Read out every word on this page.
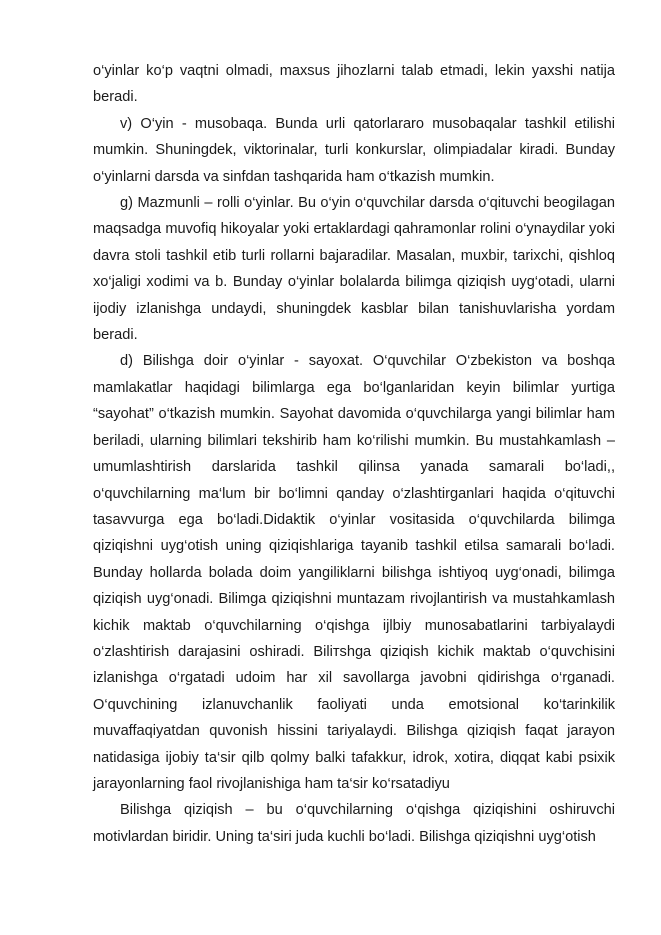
o‘yinlar ko‘p vaqtni olmadi, maxsus jihozlarni talab etmadi, lekin yaxshi natija beradi.

v) O‘yin - musobaqa. Bunda urli qatorlararo musobaqalar tashkil etilishi mumkin. Shuningdek, viktorinalar, turli konkurslar, olimpiadalar kiradi. Bunday o‘yinlarni darsda va sinfdan tashqarida ham o‘tkazish mumkin.

g) Mazmunli – rolli o‘yinlar. Bu o‘yin o‘quvchilar darsda o‘qituvchi beogilagan maqsadga muvofiq hikoyalar yoki ertaklardagi qahramonlar rolini o‘ynaydilar yoki davra stoli tashkil etib turli rollarni bajaradilar. Masalan, muxbir, tarixchi, qishloq xo‘jaligi xodimi va b. Bunday o‘yinlar bolalarda bilimga qiziqish uyg‘otadi, ularni ijodiy izlanishga undaydi, shuningdek kasblar bilan tanishuvlarisha yordam beradi.

d) Bilishga doir o‘yinlar - sayoxat. O‘quvchilar O‘zbekiston va boshqa mamlakatlar haqidagi bilimlarga ega bo‘lganlaridan keyin bilimlar yurtiga “sayohat” o‘tkazish mumkin. Sayohat davomida o‘quvchilarga yangi bilimlar ham beriladi, ularning bilimlari tekshirib ham ko‘rilishi mumkin. Bu mustahkamlash – umumlashtirish darslarida tashkil qilinsa yanada samarali bo‘ladi,, o‘quvchilarning ma‘lum bir bo‘limni qanday o‘zlashtirganlari haqida o‘qituvchi tasavvurga ega bo‘ladi.Didaktik o‘yinlar vositasida o‘quvchilarda bilimga qiziqishni uyg‘otish uning qiziqishlariga tayanib tashkil etilsa samarali bo‘ladi. Bunday hollarda bolada doim yangiliklarni bilishga ishtiyoq uyg‘onadi, bilimga qiziqish uyg‘onadi. Bilimga qiziqishni muntazam rivojlantirish va mustahkamlash kichik maktab o‘quvchilarning o‘qishga ijlbiy munosabatlarini tarbiyalaydi o‘zlashtirish darajasini oshiradi. Biliтshga qiziqish kichik maktab o‘quvchisini izlanishga o‘rgatadi udoim har xil savollarga javobni qidirishga o‘rganadi. O‘quvchining izlanuvchanlik faoliyati unda emotsional ko‘tarinkilik muvaffaqiyatdan quvonish hissini tariyalaydi. Bilishga qiziqish faqat jarayon natidasiga ijobiy ta‘sir qilb qolmy balki tafakkur, idrok, xotira, diqqat kabi psixik jarayonlarning faol rivojlanishiga ham ta‘sir ko‘rsatadiyu

Bilishga qiziqish – bu o‘quvchilarning o‘qishga qiziqishini oshiruvchi motivlardan biridir. Uning ta‘siri juda kuchli bo‘ladi. Bilishga qiziqishni uyg‘otish
